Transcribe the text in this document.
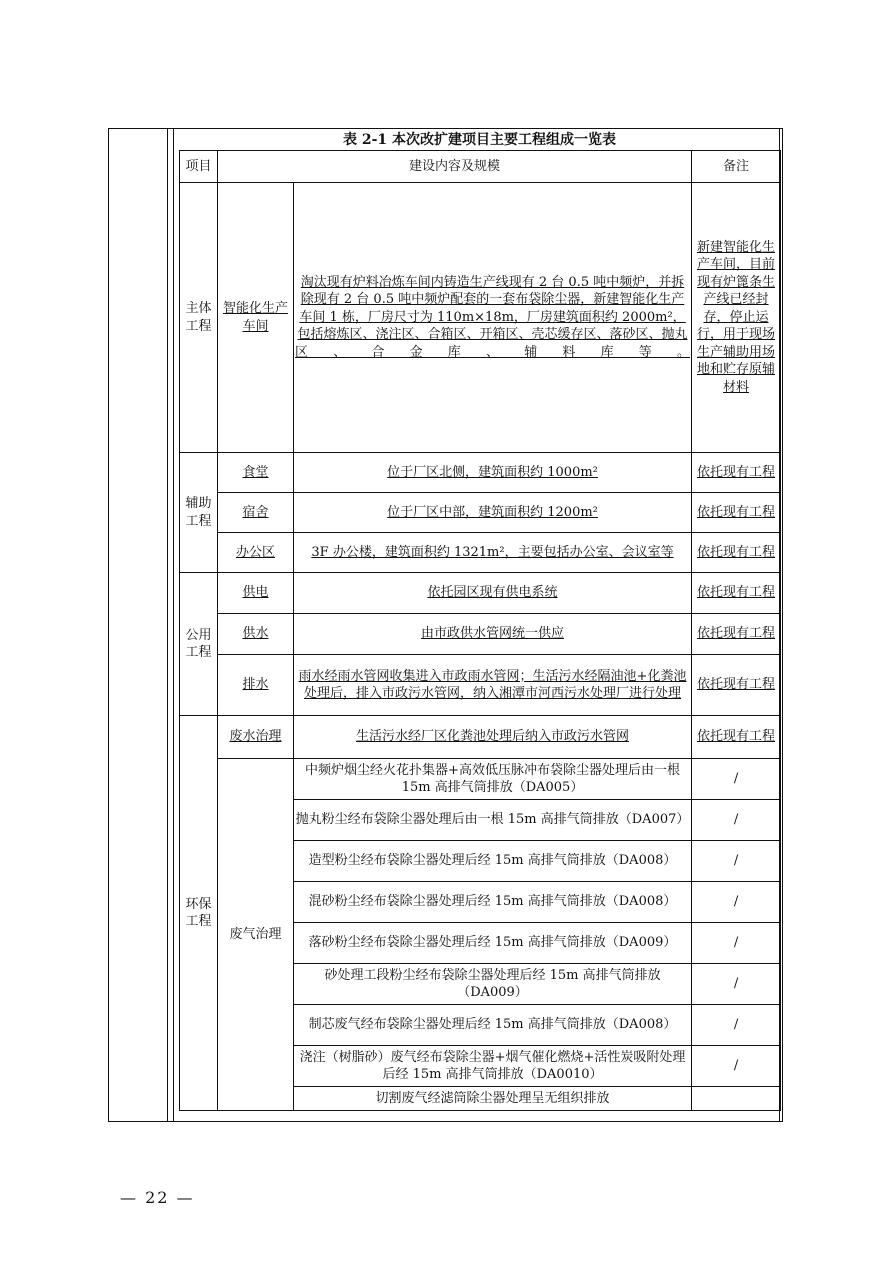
表 2-1 本次改扩建项目主要工程组成一览表
项目	建设内容及规模		备注
主体工程	智能化生产车间	淘汰现有炉料冶炼车间内铸造生产线现有 2 台 0.5 吨中频炉，并拆除现有 2 台 0.5 吨中频炉配套的一套布袋除尘器，新建智能化生产车间 1 栋，厂房尺寸为 110m×18m，厂房建筑面积约 2000m²，包括熔炼区、浇注区、合箱区、开箱区、壳芯缓存区、落砂区、抛丸区、合金库、辅料库等。	新建智能化生产车间，目前现有炉篦条生产线已经封存，停止运行，用于现场生产辅助用场地和贮存原辅材料
辅助工程	食堂	位于厂区北侧，建筑面积约 1000m²	依托现有工程
	宿舍	位于厂区中部，建筑面积约 1200m²	依托现有工程
	办公区	3F 办公楼，建筑面积约 1321m²，主要包括办公室、会议室等	依托现有工程
公用工程	供电	依托园区现有供电系统	依托现有工程
	供水	由市政供水管网统一供应	依托现有工程
	排水	雨水经雨水管网收集进入市政雨水管网；生活污水经隔油池+化粪池处理后，排入市政污水管网，纳入湘潭市河西污水处理厂进行处理	依托现有工程
环保工程	废水治理	生活污水经厂区化粪池处理后纳入市政污水管网	依托现有工程
	废气治理	中频炉烟尘经火花扑集器+高效低压脉冲布袋除尘器处理后由一根 15m 高排气筒排放（DA005）	/
		抛丸粉尘经布袋除尘器处理后由一根 15m 高排气筒排放（DA007）	/
		造型粉尘经布袋除尘器处理后经 15m 高排气筒排放（DA008）	/
		混砂粉尘经布袋除尘器处理后经 15m 高排气筒排放（DA008）	/
		落砂粉尘经布袋除尘器处理后经 15m 高排气筒排放（DA009）	/
		砂处理工段粉尘经布袋除尘器处理后经 15m 高排气筒排放（DA009）	/
		制芯废气经布袋除尘器处理后经 15m 高排气筒排放（DA008）	/
		浇注（树脂砂）废气经布袋除尘器+烟气催化燃烧+活性炭吸附处理后经 15m 高排气筒排放（DA0010）	/
		切割废气经滤筒除尘器处理呈无组织排放	
— 22 —
